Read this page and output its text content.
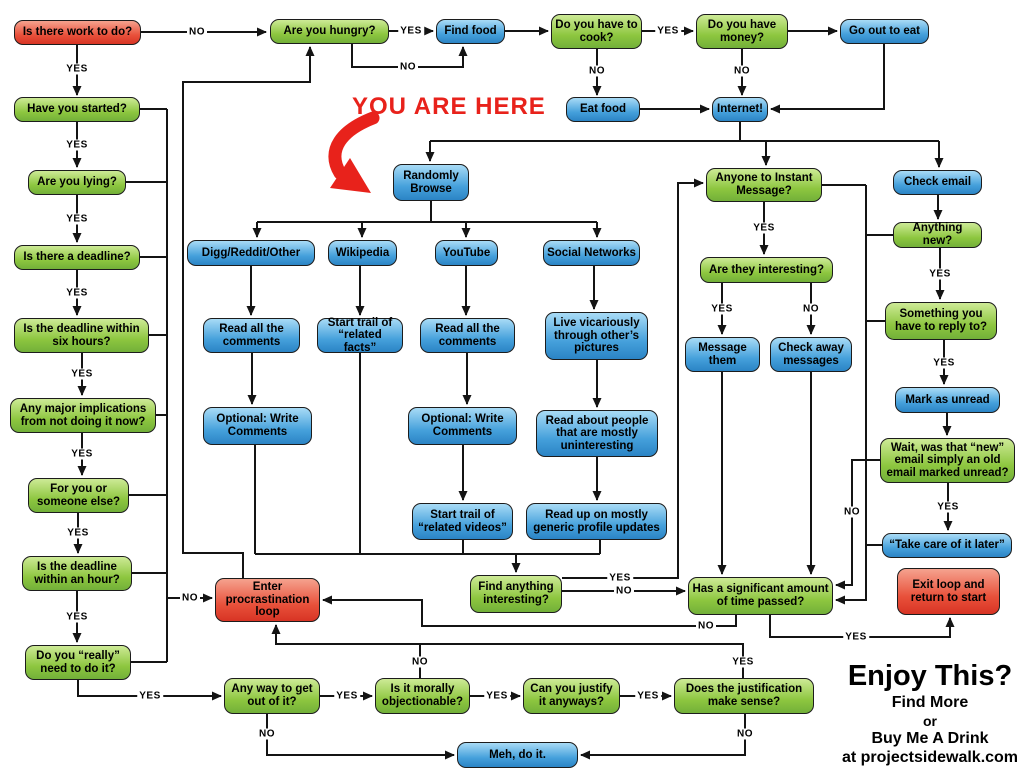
YOU ARE HERE
Enjoy This?
Find More
or
Buy Me A Drink
at projectsidewalk.com
Is there work to do?	Are you hungry?	Find food
Do you have to cook?
Do you have money?
Go out to eat
Have you started?	Eat food	Internet!
Are you lying?
Is there a deadline?
Is the deadline within six hours?
Any major implications from not doing it now?
For you or someone else?
Is the deadline within an hour?
Do you “really” need to do it?
Randomly Browse
Digg/Reddit/Other	Wikipedia	YouTube	Social Networks
Read all the comments
Start trail of “related facts”
Read all the comments
Live vicariously through other’s pictures
Optional: Write Comments
Optional: Write Comments
Read about people that are mostly uninteresting
Start trail of “related videos”
Read up on mostly generic profile updates
Find anything interesting?
Enter procrastination loop
Has a significant amount of time passed?
Anyone to Instant Message?
Check email
Anything new?
Are they interesting?
Something you have to reply to?
Message them
Check away messages
Mark as unread
Wait, was that “new” email simply an old email marked unread?
“Take care of it later”
Exit loop and return to start
Any way to get out of it?
Is it morally objectionable?
Can you justify it anyways?
Does the justification make sense?
Meh, do it.
NO
YES
YES	YES
NO	NO	NO
YES
YES
YES
YES
YES
YES
YES
NO
YES
YES
NO
YES
YES	NO
YES
YES
YES
NO
NO
NO	YES
YES
YES	YES	YES
NO	NO
